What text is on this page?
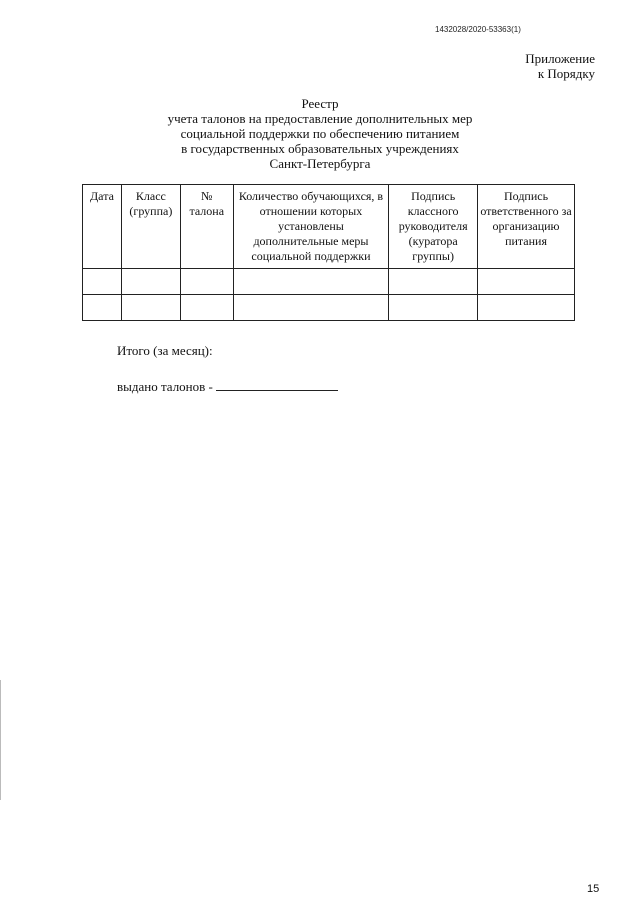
1432028/2020-53363(1)
Приложение
к Порядку
Реестр
учета талонов на предоставление дополнительных мер
социальной поддержки по обеспечению питанием
в государственных образовательных учреждениях
Санкт-Петербурга
Дата	Класс (группа)	№ талона	Количество обучающихся, в отношении которых установлены дополнительные меры социальной поддержки	Подпись классного руководителя (куратора группы)	Подпись ответственного за организацию питания

Итого (за месяц):
выдано талонов -
15
